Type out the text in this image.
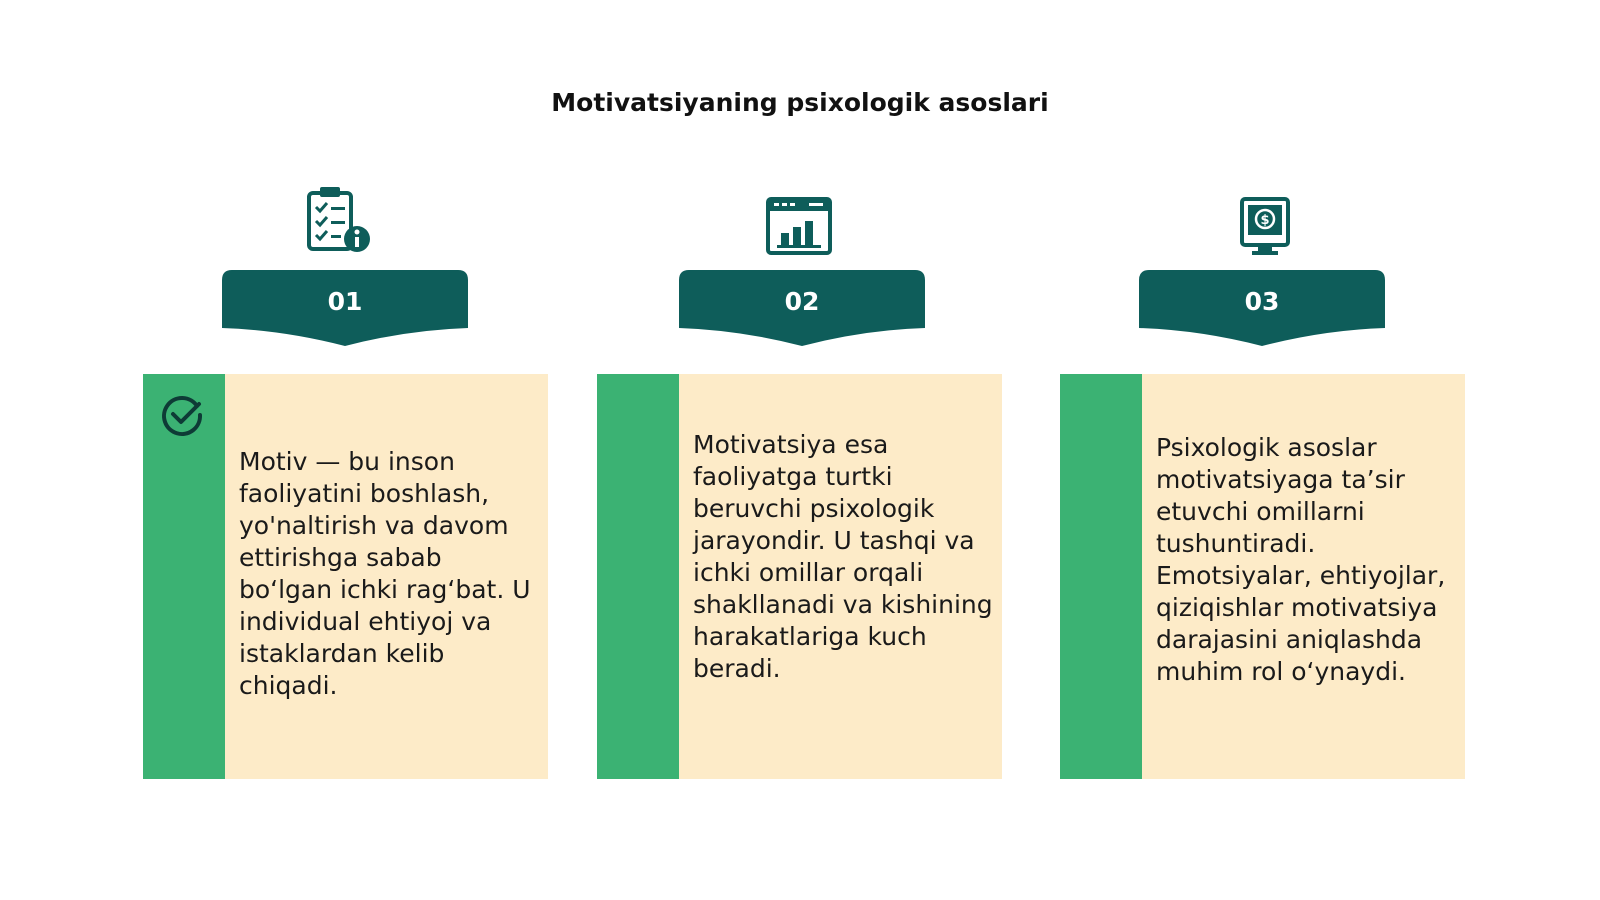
Motivatsiyaning psixologik asoslari
01
Motiv — bu inson faoliyatini boshlash, yo'naltirish va davom ettirishga sabab bo‘lgan ichki rag‘bat. U individual ehtiyoj va istaklardan kelib chiqadi.
02
Motivatsiya esa faoliyatga turtki beruvchi psixologik jarayondir. U tashqi va ichki omillar orqali shakllanadi va kishining harakatlariga kuch beradi.
$
03
Psixologik asoslar motivatsiyaga ta’sir etuvchi omillarni tushuntiradi. Emotsiyalar, ehtiyojlar, qiziqishlar motivatsiya darajasini aniqlashda muhim rol o‘ynaydi.
